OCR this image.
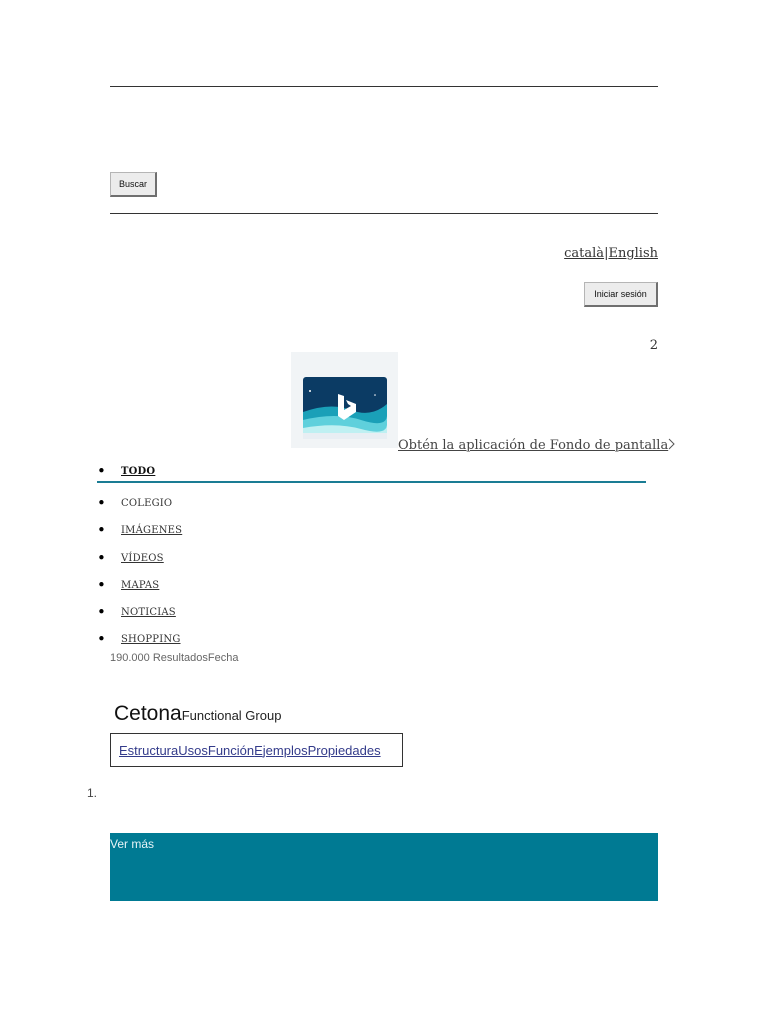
Buscar
català|English
Iniciar sesión
2
Obtén la aplicación de Fondo de pantalla
•	TODO
•	COLEGIO
•	IMÁGENES
•	VÍDEOS
•	MAPAS
•	NOTICIAS
•	SHOPPING
190.000 ResultadosFecha
CetonaFunctional Group
Estructura Usos Función Ejemplos Propiedades
1.
Ver más
